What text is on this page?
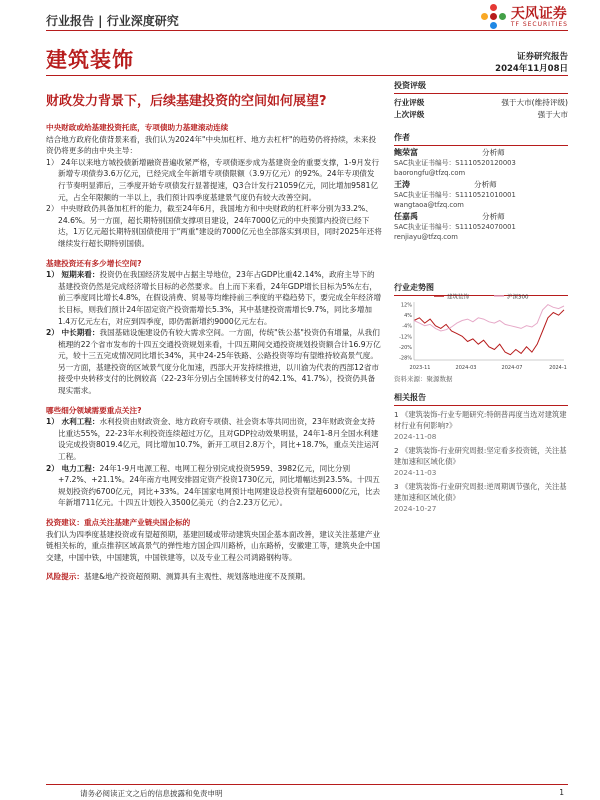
行业报告 | 行业深度研究	天风证券
TF SECURITIES
建筑装饰	证券研究报告
2024年11月08日
财政发力背景下，后续基建投资的空间如何展望?

中央财政或给基建投资托底，专项债助力基建滚动连续

结合地方政府化债背景来看，我们认为2024年"中央加杠杆、地方去杠杆"的趋势仍将持续，未来投资仍将更多的由中央主导：

1） 24年以来地方城投债新增融资普遍收紧严格，专项债逐步成为基建资金的重要支撑，1-9月发行新增专项债券3.6万亿元，已经完成全年新增专项债限额（3.9万亿元）的92%。24年专项债发行节奏明显滞后，三季度开始专项债发行显著提速，Q3合计发行21059亿元，同比增加9581亿元，占全年限额的一半以上，我们预计四季度基建景气度仍有较大改善空间。

2） 中央财政仍具备加杠杆的能力，截至24年6月，我国地方和中央财政的杠杆率分别为33.2%、24.6%。另一方面，超长期特别国债支撑项目建设，24年7000亿元的中央预算内投资已经下达，1万亿元超长期特别国债使用于"两重"建设的7000亿元也全部落实到项目，同时2025年还将继续发行超长期特别国债。

基建投资还有多少增长空间?

1） 短期来看：投资仍在我国经济发展中占据主导地位，23年占GDP比重42.14%，政府主导下的基建投资仍然是完成经济增长目标的必然要求。自上而下来看，24年GDP增长目标为5%左右，前三季度同比增长4.8%，在假设消费、贸易等均维持前三季度的平稳趋势下，要完成全年经济增长目标，则我们预计24年固定资产投资需增长5.3%，其中基建投资需增长9.7%，同比多增加1.4万亿元左右，对应到四季度，即仍需新增约9000亿元左右。

2） 中长期看：我国基础设施建设仍有较大需求空间。一方面，传统"铁公基"投资仍有增量，从我们梳理的22个省市发布的十四五交通投资规划来看，十四五期间交通投资规划投资额合计16.9万亿元，较十三五完成情况同比增长34%，其中24-25年铁路、公路投资等均有望维持较高景气度。另一方面，基建投资的区域景气度分化加速，西部大开发持续推进，以川渝为代表的西部12省市接受中央转移支付的比例较高（22-23年分别占全国转移支付的42.1%、41.7%），投资仍具备现实需求。

哪些细分领域需要重点关注?

1） 水利工程：水利投资由财政资金、地方政府专项债、社会资本等共同出资，23年财政资金支持比重达55%，22-23年水利投资连续超过万亿，且对GDP拉动效果明显，24年1-8月全国水利建设完成投资8019.4亿元，同比增加10.7%，新开工项目2.8万个，同比+18.7%，重点关注运河工程。

2） 电力工程：24年1-9月电源工程、电网工程分别完成投资5959、3982亿元，同比分别+7.2%、+21.1%。24年南方电网安排固定资产投资1730亿元，同比增幅达到23.5%。十四五规划投资约6700亿元，同比+33%。24年国家电网预计电网建设总投资有望超6000亿元，比去年新增711亿元。十四五计划投入3500亿美元（约合2.23万亿元）。

投资建议：重点关注基建产业链央国企标的

我们认为四季度基建投资或有望超预期，基建回暖或带动建筑央国企基本面改善，建议关注基建产业链相关标的，重点推荐区域高景气的弹性地方国企四川路桥，山东路桥，安徽建工等，建筑央企中国交建，中国中铁，中国建筑，中国铁建等，以及专业工程公司鸿路钢构等。

风险提示：基建&地产投资超预期、测算具有主观性、规划落地进度不及预期。

投资评级
行业评级	强于大市(维持评级)
上次评级	强于大市
作者
鲍荣富	分析师
SAC执业证书编号：S1110520120003
baorongfu@tfzq.com
王涛	分析师
SAC执业证书编号：S1110521010001
wangtaoa@tfzq.com
任嘉禹	分析师
SAC执业证书编号：S1110524070001
renjiayu@tfzq.com
行业走势图
建筑装饰	沪深300
12%
4%
-4%
-12%
-20%
-28%
2023-11	2024-03	2024-07	2024-1
资料来源：聚源数据
相关报告
1 《建筑装饰-行业专题研究:特朗普再度当选对建筑建材行业有何影响?》
2024-11-08
2 《建筑装饰-行业研究周报:坚定看多投资链，关注基建加速和区域化债》
2024-11-03
3 《建筑装饰-行业研究周报:逆周期调节强化，关注基建加速和区域化债》
2024-10-27
请务必阅读正文之后的信息披露和免责申明	1
